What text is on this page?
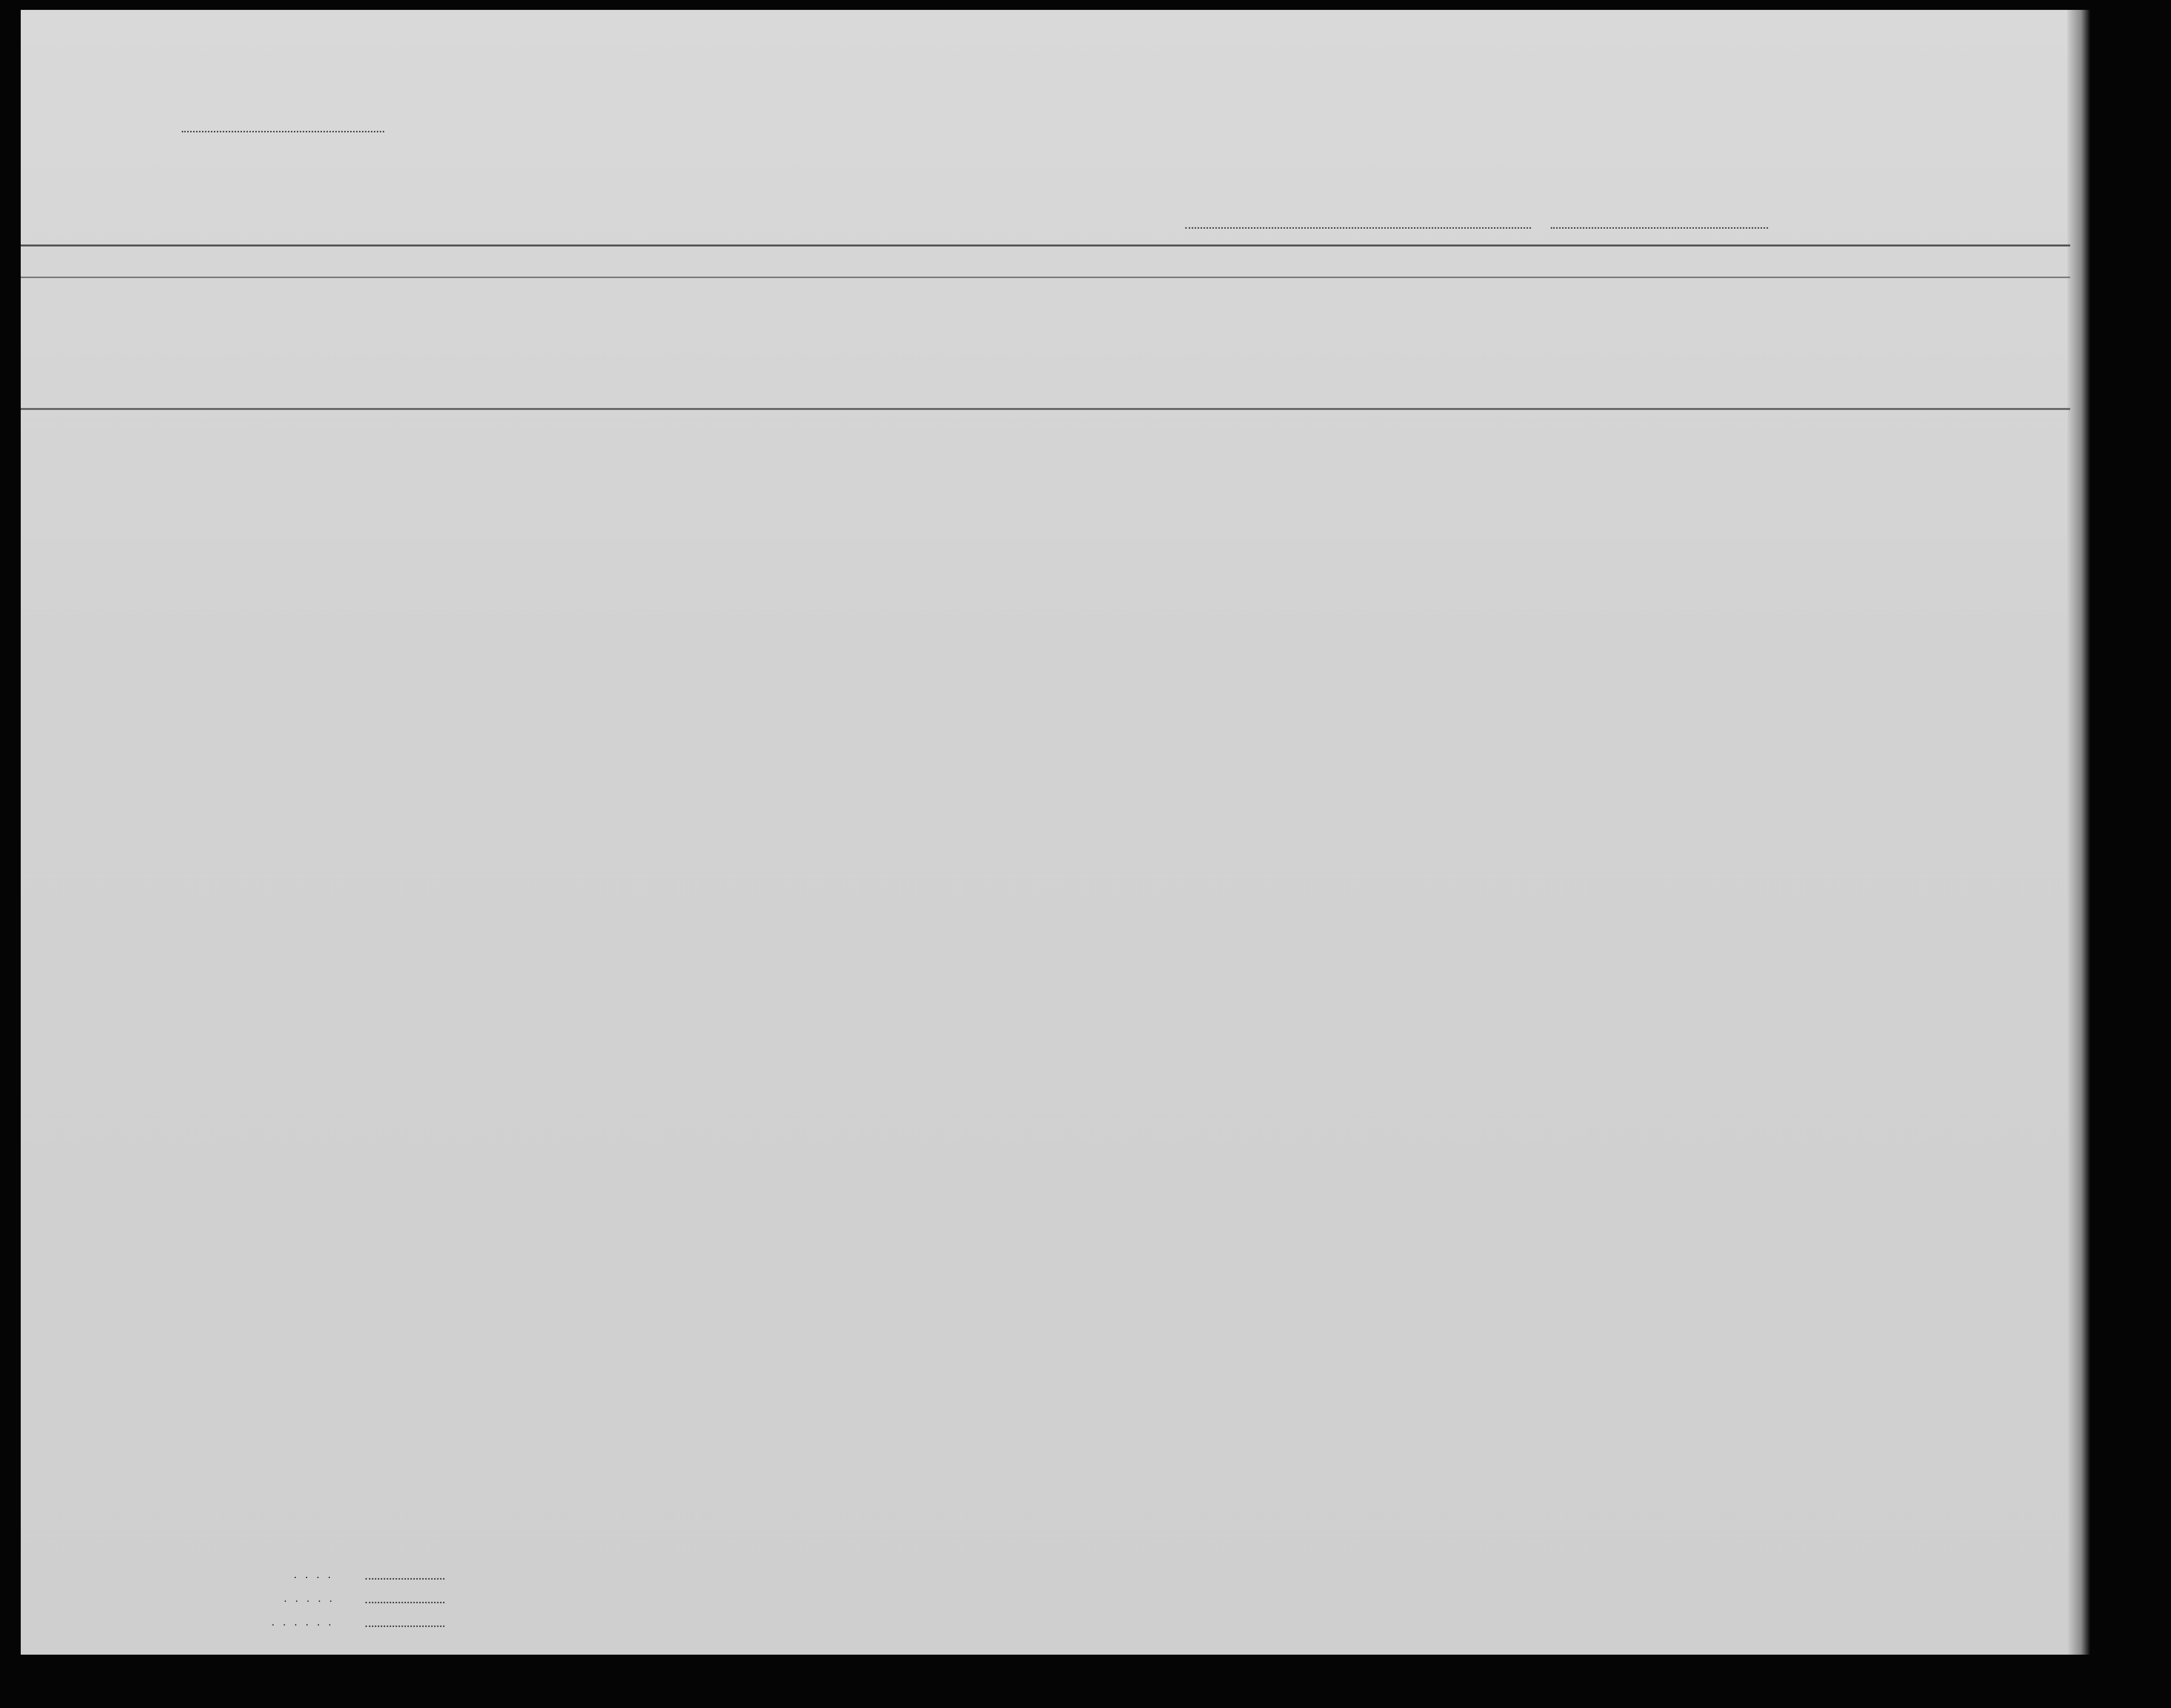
. . . .
. . . . .
. . . . . .
